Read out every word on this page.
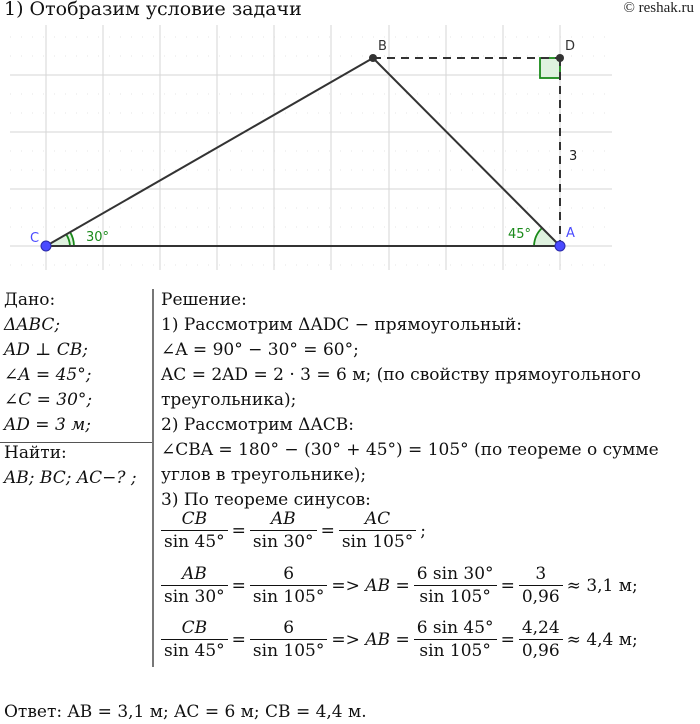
1) Отобразим условие задачи	© reshak.ru
B	D
C	A
30°	45°
3
Дано:
ΔABC;
AD ⊥ CB;
∠A = 45°;
∠C = 30°;
AD = 3 м;
Найти:
AB; BC; AC−? ;
Решение:
1) Рассмотрим ΔADC − прямоугольный:
∠A = 90° − 30° = 60°;
AC = 2AD = 2 · 3 = 6 м; (по свойству прямоугольного
треугольника);
2) Рассмотрим ΔACB:
∠CBA = 180° − (30° + 45°) = 105° (по теореме о сумме
углов в треугольнике);
3) По теореме синусов:
$\frac{CB}{\sin 45^\circ} = \frac{AB}{\sin 30^\circ} = \frac{AC}{\sin 105^\circ}$ ;
$\frac{AB}{\sin 30^\circ} = \frac{6}{\sin 105^\circ}$ => AB = $\frac{6 \sin 30^\circ}{\sin 105^\circ} = \frac{3}{0,96} \approx 3,1$ м;
$\frac{CB}{\sin 45^\circ} = \frac{6}{\sin 105^\circ}$ => AB = $\frac{6 \sin 45^\circ}{\sin 105^\circ} = \frac{4,24}{0,96} \approx 4,4$ м;
Ответ: AB = 3,1 м; AC = 6 м; CB = 4,4 м.
